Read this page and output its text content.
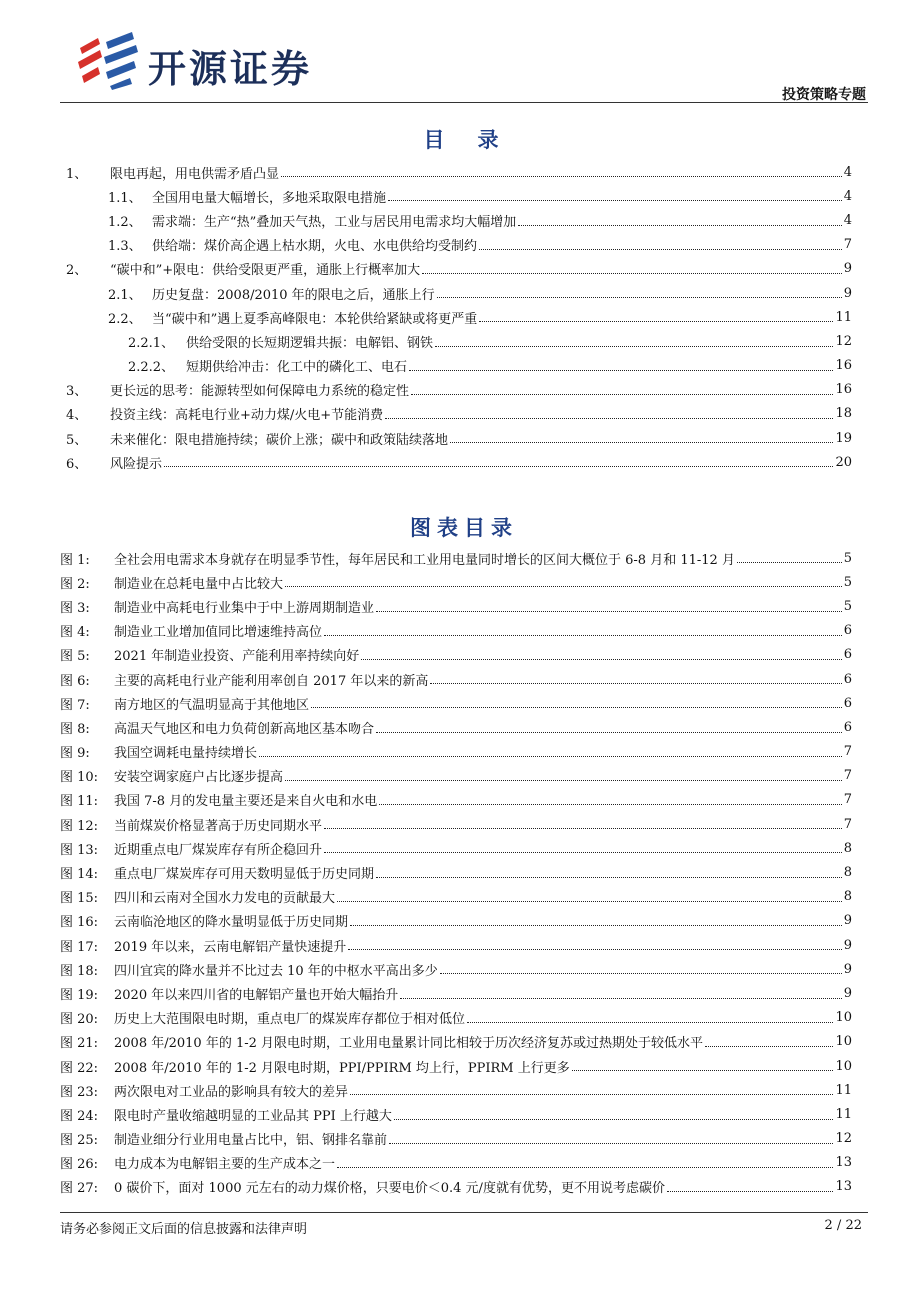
开源证券
投资策略专题
目　录
1、	限电再起，用电供需矛盾凸显	4
1.1、 全国用电量大幅增长，多地采取限电措施	4
1.2、 需求端：生产“热”叠加天气热，工业与居民用电需求均大幅增加	4
1.3、 供给端：煤价高企遇上枯水期，火电、水电供给均受制约	7
2、	“碳中和”+限电：供给受限更严重，通胀上行概率加大	9
2.1、 历史复盘：2008/2010 年的限电之后，通胀上行	9
2.2、 当“碳中和”遇上夏季高峰限电：本轮供给紧缺或将更严重	11
2.2.1、 供给受限的长短期逻辑共振：电解铝、钢铁	12
2.2.2、 短期供给冲击：化工中的磷化工、电石	16
3、	更长远的思考：能源转型如何保障电力系统的稳定性	16
4、	投资主线：高耗电行业+动力煤/火电+节能消费	18
5、	未来催化：限电措施持续；碳价上涨；碳中和政策陆续落地	19
6、	风险提示	20
图表目录
图 1:	全社会用电需求本身就存在明显季节性，每年居民和工业用电量同时增长的区间大概位于 6-8 月和 11-12 月	5
图 2:	制造业在总耗电量中占比较大	5
图 3:	制造业中高耗电行业集中于中上游周期制造业	5
图 4:	制造业工业增加值同比增速维持高位	6
图 5:	2021 年制造业投资、产能利用率持续向好	6
图 6:	主要的高耗电行业产能利用率创自 2017 年以来的新高	6
图 7:	南方地区的气温明显高于其他地区	6
图 8:	高温天气地区和电力负荷创新高地区基本吻合	6
图 9:	我国空调耗电量持续增长	7
图 10:	安装空调家庭户占比逐步提高	7
图 11:	我国 7-8 月的发电量主要还是来自火电和水电	7
图 12:	当前煤炭价格显著高于历史同期水平	7
图 13:	近期重点电厂煤炭库存有所企稳回升	8
图 14:	重点电厂煤炭库存可用天数明显低于历史同期	8
图 15:	四川和云南对全国水力发电的贡献最大	8
图 16:	云南临沧地区的降水量明显低于历史同期	9
图 17:	2019 年以来，云南电解铝产量快速提升	9
图 18:	四川宜宾的降水量并不比过去 10 年的中枢水平高出多少	9
图 19:	2020 年以来四川省的电解铝产量也开始大幅抬升	9
图 20:	历史上大范围限电时期，重点电厂的煤炭库存都位于相对低位	10
图 21:	2008 年/2010 年的 1-2 月限电时期，工业用电量累计同比相较于历次经济复苏或过热期处于较低水平	10
图 22:	2008 年/2010 年的 1-2 月限电时期，PPI/PPIRM 均上行，PPIRM 上行更多	10
图 23:	两次限电对工业品的影响具有较大的差异	11
图 24:	限电时产量收缩越明显的工业品其 PPI 上行越大	11
图 25:	制造业细分行业用电量占比中，铝、钢排名靠前	12
图 26:	电力成本为电解铝主要的生产成本之一	13
图 27:	0 碳价下，面对 1000 元左右的动力煤价格，只要电价＜0.4 元/度就有优势，更不用说考虑碳价	13
请务必参阅正文后面的信息披露和法律声明	2 / 22
